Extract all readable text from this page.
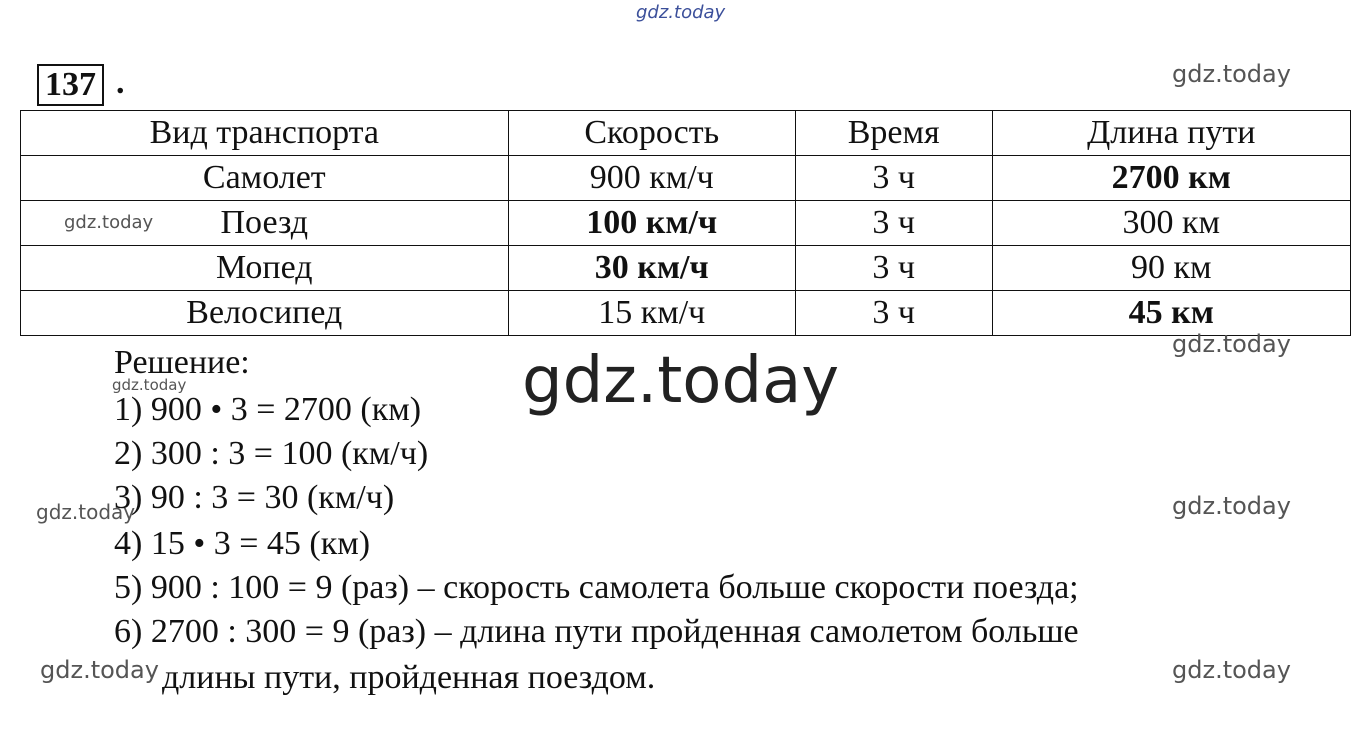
gdz.today
gdz.today
137 .
Вид транспорта	Скорость	Время	Длина пути
Самолет	900 км/ч	3 ч	2700 км
Поезд	100 км/ч	3 ч	300 км
Мопед	30 км/ч	3 ч	90 км
Велосипед	15 км/ч	3 ч	45 км
Решение:
1) 900 • 3 = 2700 (км)
2) 300 : 3 = 100 (км/ч)
3) 90 : 3 = 30 (км/ч)
4) 15 • 3 = 45 (км)
5) 900 : 100 = 9 (раз) – скорость самолета больше скорости поезда;
6) 2700 : 300 = 9 (раз) – длина пути пройденная самолетом больше
длины пути, пройденная поездом.
gdz.today
gdz.today
gdz.today	gdz.today
gdz.today	gdz.today
gdz.today	gdz.today
